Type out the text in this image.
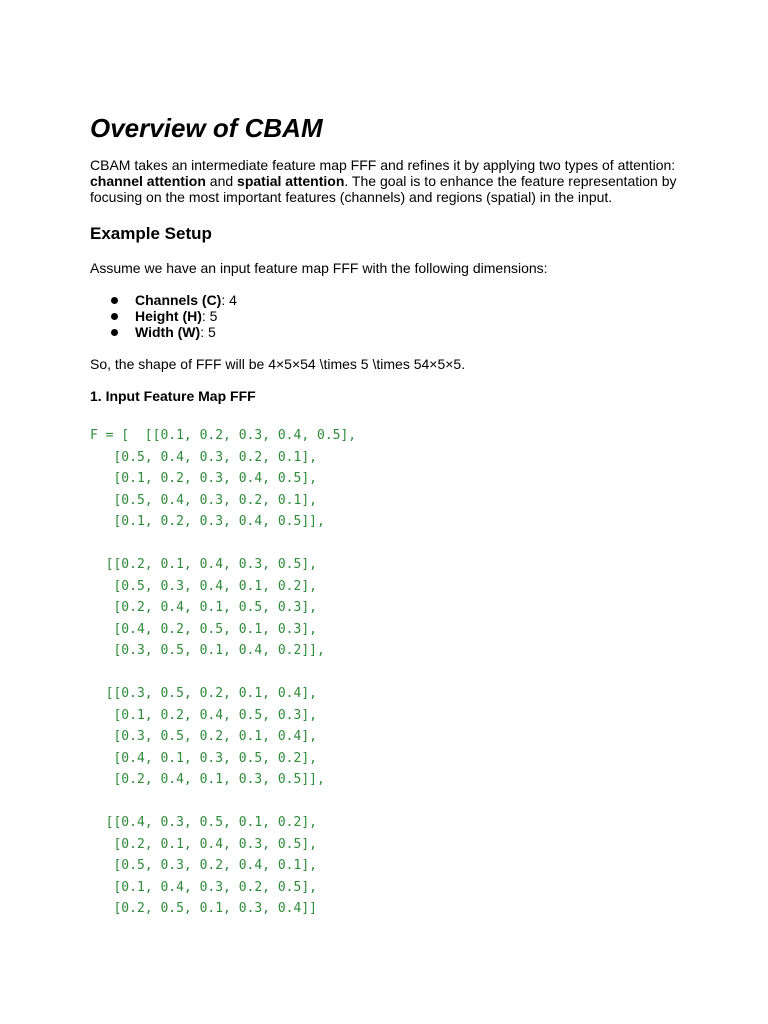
Overview of CBAM

CBAM takes an intermediate feature map FFF and refines it by applying two types of attention: channel attention and spatial attention. The goal is to enhance the feature representation by focusing on the most important features (channels) and regions (spatial) in the input.

Example Setup

Assume we have an input feature map FFF with the following dimensions:

Channels (C): 4
Height (H): 5
Width (W): 5

So, the shape of FFF will be 4×5×54 \times 5 \times 54×5×5.

1. Input Feature Map FFF
F = [  [[0.1, 0.2, 0.3, 0.4, 0.5],
[0.5, 0.4, 0.3, 0.2, 0.1],
[0.1, 0.2, 0.3, 0.4, 0.5],
[0.5, 0.4, 0.3, 0.2, 0.1],
[0.1, 0.2, 0.3, 0.4, 0.5]],

[[0.2, 0.1, 0.4, 0.3, 0.5],
[0.5, 0.3, 0.4, 0.1, 0.2],
[0.2, 0.4, 0.1, 0.5, 0.3],
[0.4, 0.2, 0.5, 0.1, 0.3],
[0.3, 0.5, 0.1, 0.4, 0.2]],

[[0.3, 0.5, 0.2, 0.1, 0.4],
[0.1, 0.2, 0.4, 0.5, 0.3],
[0.3, 0.5, 0.2, 0.1, 0.4],
[0.4, 0.1, 0.3, 0.5, 0.2],
[0.2, 0.4, 0.1, 0.3, 0.5]],

[[0.4, 0.3, 0.5, 0.1, 0.2],
[0.2, 0.1, 0.4, 0.3, 0.5],
[0.5, 0.3, 0.2, 0.4, 0.1],
[0.1, 0.4, 0.3, 0.2, 0.5],
[0.2, 0.5, 0.1, 0.3, 0.4]]
